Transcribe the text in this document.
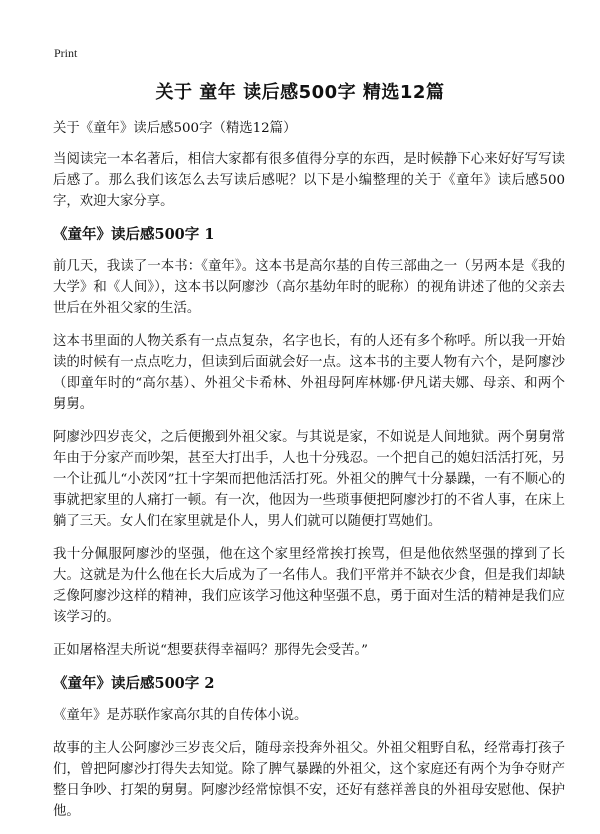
Print
关于 童年 读后感500字 精选12篇

关于《童年》读后感500字（精选12篇）

当阅读完一本名著后，相信大家都有很多值得分享的东西，是时候静下心来好好写写读后感了。那么我们该怎么去写读后感呢？以下是小编整理的关于《童年》读后感500字，欢迎大家分享。

《童年》读后感500字 1

前几天，我读了一本书：《童年》。这本书是高尔基的自传三部曲之一（另两本是《我的大学》和《人间》），这本书以阿廖沙（高尔基幼年时的昵称）的视角讲述了他的父亲去世后在外祖父家的生活。

这本书里面的人物关系有一点点复杂，名字也长，有的人还有多个称呼。所以我一开始读的时候有一点点吃力，但读到后面就会好一点。这本书的主要人物有六个，是阿廖沙（即童年时的“高尔基）、外祖父卡希林、外祖母阿库林娜·伊凡诺夫娜、母亲、和两个舅舅。

阿廖沙四岁丧父，之后便搬到外祖父家。与其说是家，不如说是人间地狱。两个舅舅常年由于分家产而吵架，甚至大打出手，人也十分残忍。一个把自己的媳妇活活打死，另一个让孤儿“小茨冈”扛十字架而把他活活打死。外祖父的脾气十分暴躁，一有不顺心的事就把家里的人痛打一顿。有一次，他因为一些琐事便把阿廖沙打的不省人事，在床上躺了三天。女人们在家里就是仆人，男人们就可以随便打骂她们。

我十分佩服阿廖沙的坚强，他在这个家里经常挨打挨骂，但是他依然坚强的撑到了长大。这就是为什么他在长大后成为了一名伟人。我们平常并不缺衣少食，但是我们却缺乏像阿廖沙这样的精神，我们应该学习他这种坚强不息，勇于面对生活的精神是我们应该学习的。

正如屠格涅夫所说“想要获得幸福吗？那得先会受苦。”

《童年》读后感500字 2

《童年》是苏联作家高尔其的自传体小说。

故事的主人公阿廖沙三岁丧父后，随母亲投奔外祖父。外祖父粗野自私，经常毒打孩子们，曾把阿廖沙打得失去知觉。除了脾气暴躁的外祖父，这个家庭还有两个为争夺财产整日争吵、打架的舅舅。阿廖沙经常惊惧不安，还好有慈祥善良的外祖母安慰他、保护他。
